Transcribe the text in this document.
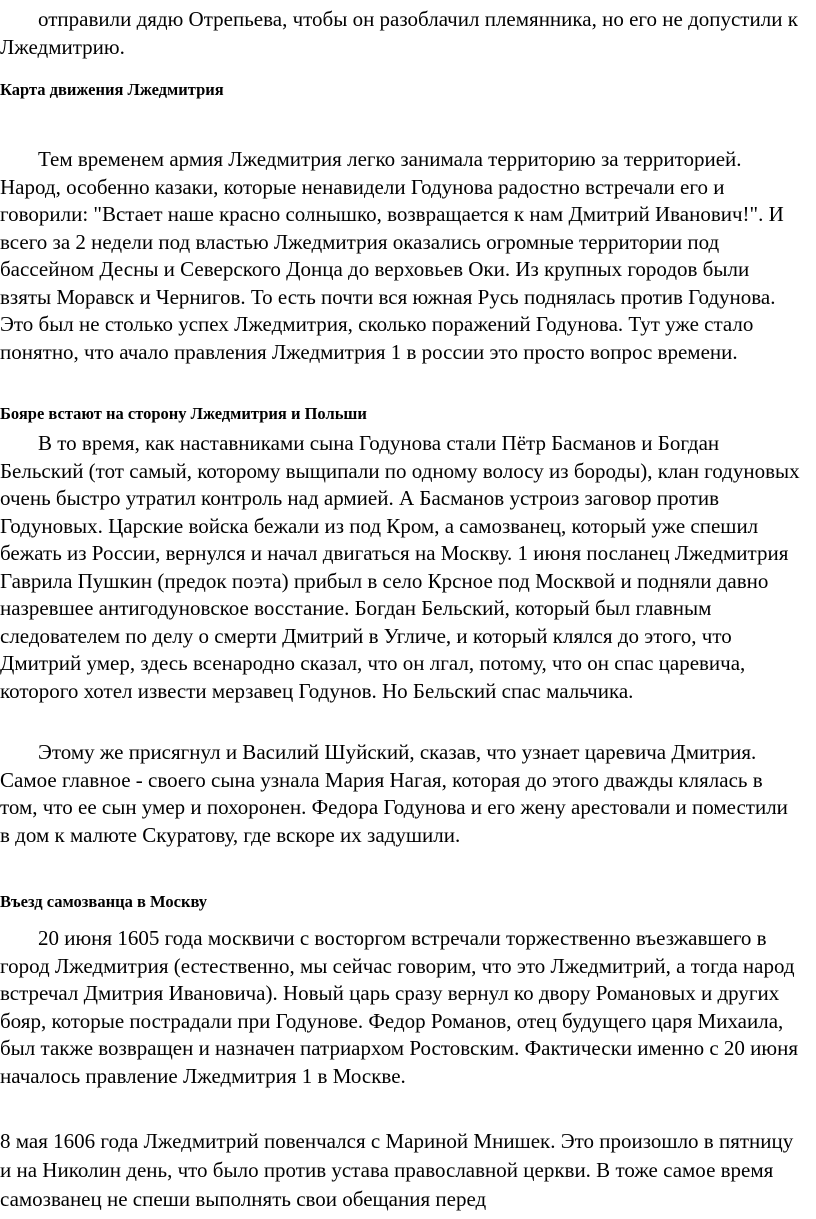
отправили дядю Отрепьева, чтобы он разоблачил племянника, но его не допустили к Лжедмитрию.

Карта движения Лжедмитрия

Тем временем армия Лжедмитрия легко занимала территорию за территорией. Народ, особенно казаки, которые ненавидели Годунова радостно встречали его и говорили: "Встает наше красно солнышко, возвращается к нам Дмитрий Иванович!". И всего за 2 недели под властью Лжедмитрия оказались огромные территории под бассейном Десны и Северского Донца до верховьев Оки. Из крупных городов были взяты Моравск и Чернигов. То есть почти вся южная Русь поднялась против Годунова. Это был не столько успех Лжедмитрия, сколько поражений Годунова. Тут уже стало понятно, что ачало правления Лжедмитрия 1 в россии это просто вопрос времени.

Бояре встают на сторону Лжедмитрия и Польши

В то время, как наставниками сына Годунова стали Пётр Басманов и Богдан Бельский (тот самый, которому выщипали по одному волосу из бороды), клан годуновых очень быстро утратил контроль над армией. А Басманов устроиз заговор против Годуновых. Царские войска бежали из под Кром, а самозванец, который уже спешил бежать из России, вернулся и начал двигаться на Москву. 1 июня посланец Лжедмитрия Гаврила Пушкин (предок поэта) прибыл в село Крсное под Москвой и подняли давно назревшее антигодуновское восстание. Богдан Бельский, который был главным следователем по делу о смерти Дмитрий в Угличе, и который клялся до этого, что Дмитрий умер, здесь всенародно сказал, что он лгал, потому, что он спас царевича, которого хотел извести мерзавец Годунов. Но Бельский спас мальчика.

Этому же присягнул и Василий Шуйский, сказав, что узнает царевича Дмитрия. Самое главное - своего сына узнала Мария Нагая, которая до этого дважды клялась в том, что ее сын умер и похоронен. Федора Годунова и его жену арестовали и поместили в дом к малюте Скуратову, где вскоре их задушили.

Въезд самозванца в Москву

20 июня 1605 года москвичи с восторгом встречали торжественно въезжавшего в город Лжедмитрия (естественно, мы сейчас говорим, что это Лжедмитрий, а тогда народ встречал Дмитрия Ивановича). Новый царь сразу вернул ко двору Романовых и других бояр, которые пострадали при Годунове. Федор Романов, отец будущего царя Михаила, был также возвращен и назначен патриархом Ростовским. Фактически именно с 20 июня началось правление Лжедмитрия 1 в Москве.

8 мая 1606 года Лжедмитрий повенчался с Мариной Мнишек. Это произошло в пятницу и на Николин день, что было против устава православной церкви. В тоже самое время самозванец не спеши выполнять свои обещания перед
